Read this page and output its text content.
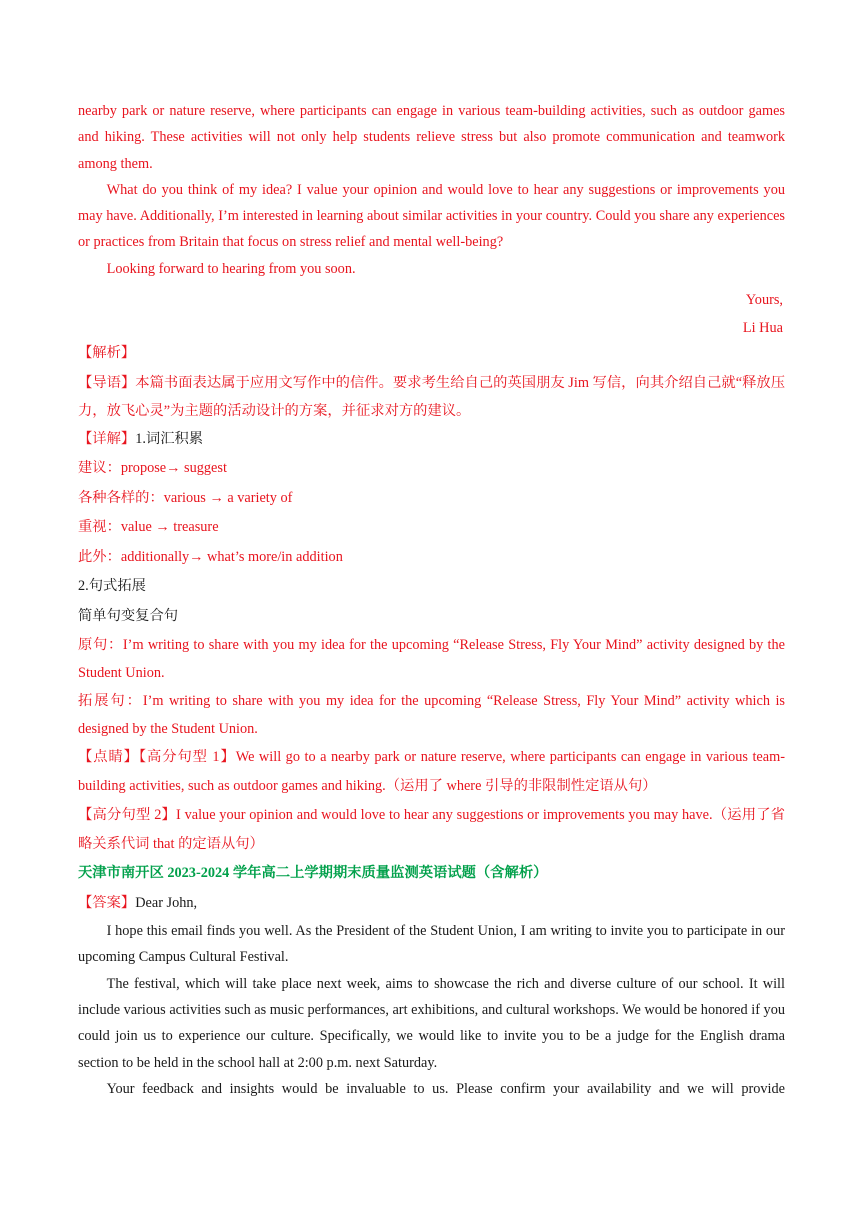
nearby park or nature reserve, where participants can engage in various team-building activities, such as outdoor games and hiking. These activities will not only help students relieve stress but also promote communication and teamwork among them.

What do you think of my idea? I value your opinion and would love to hear any suggestions or improvements you may have. Additionally, I’m interested in learning about similar activities in your country. Could you share any experiences or practices from Britain that focus on stress relief and mental well-being?

Looking forward to hearing from you soon.

Yours,

Li Hua

【解析】

【导语】本篇书面表达属于应用文写作中的信件。要求考生给自己的英国朋友 Jim 写信，向其介绍自己就“释放压力，放飞心灵”为主题的活动设计的方案，并征求对方的建议。

【详解】1.词汇积累

建议：propose→ suggest

各种各样的：various → a variety of

重视：value → treasure

此外：additionally→ what’s more/in addition

2.句式拓展

简单句变复合句

原句：I’m writing to share with you my idea for the upcoming “Release Stress, Fly Your Mind” activity designed by the Student Union.

拓展句：I’m writing to share with you my idea for the upcoming “Release Stress, Fly Your Mind” activity which is designed by the Student Union.

【点睛】【高分句型 1】We will go to a nearby park or nature reserve, where participants can engage in various team-building activities, such as outdoor games and hiking.（运用了 where 引导的非限制性定语从句）

【高分句型 2】I value your opinion and would love to hear any suggestions or improvements you may have.（运用了省略关系代词 that 的定语从句）

天津市南开区 2023-2024 学年高二上学期期末质量监测英语试题（含解析）

【答案】Dear John,

I hope this email finds you well. As the President of the Student Union, I am writing to invite you to participate in our upcoming Campus Cultural Festival.

The festival, which will take place next week, aims to showcase the rich and diverse culture of our school. It will include various activities such as music performances, art exhibitions, and cultural workshops. We would be honored if you could join us to experience our culture. Specifically, we would like to invite you to be a judge for the English drama section to be held in the school hall at 2:00 p.m. next Saturday.

Your feedback and insights would be invaluable to us. Please confirm your availability and we will provide
